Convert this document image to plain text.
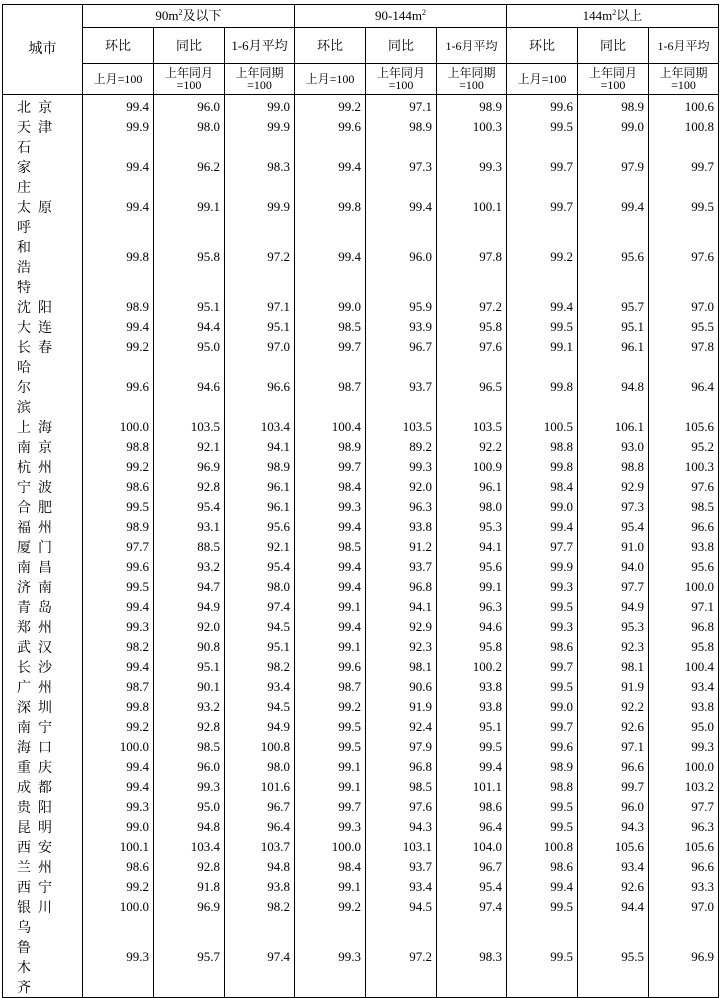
城市	$90m^2$及以下			$90-144m^2$			$144m^2$以上		
	环比	同比	1-6月平均	环比	同比	1-6月平均	环比	同比	1-6月平均
	上月=100	上年同月=100	上年同期=100	上月=100	上年同月=100	上年同期=100	上月=100	上年同月=100	上年同期=100
北京	99.4	96.0	99.0	99.2	97.1	98.9	99.6	98.9	100.6
天津	99.9	98.0	99.9	99.6	98.9	100.3	99.5	99.0	100.8
石家庄	99.4	96.2	98.3	99.4	97.3	99.3	99.7	97.9	99.7
太原	99.4	99.1	99.9	99.8	99.4	100.1	99.7	99.4	99.5
呼和浩特	99.8	95.8	97.2	99.4	96.0	97.8	99.2	95.6	97.6
沈阳	98.9	95.1	97.1	99.0	95.9	97.2	99.4	95.7	97.0
大连	99.4	94.4	95.1	98.5	93.9	95.8	99.5	95.1	95.5
长春	99.2	95.0	97.0	99.7	96.7	97.6	99.1	96.1	97.8
哈尔滨	99.6	94.6	96.6	98.7	93.7	96.5	99.8	94.8	96.4
上海	100.0	103.5	103.4	100.4	103.5	103.5	100.5	106.1	105.6
南京	98.8	92.1	94.1	98.9	89.2	92.2	98.8	93.0	95.2
杭州	99.2	96.9	98.9	99.7	99.3	100.9	99.8	98.8	100.3
宁波	98.6	92.8	96.1	98.4	92.0	96.1	98.4	92.9	97.6
合肥	99.5	95.4	96.1	99.3	96.3	98.0	99.0	97.3	98.5
福州	98.9	93.1	95.6	99.4	93.8	95.3	99.4	95.4	96.6
厦门	97.7	88.5	92.1	98.5	91.2	94.1	97.7	91.0	93.8
南昌	99.6	93.2	95.4	99.4	93.7	95.6	99.9	94.0	95.6
济南	99.5	94.7	98.0	99.4	96.8	99.1	99.3	97.7	100.0
青岛	99.4	94.9	97.4	99.1	94.1	96.3	99.5	94.9	97.1
郑州	99.3	92.0	94.5	99.4	92.9	94.6	99.3	95.3	96.8
武汉	98.2	90.8	95.1	99.1	92.3	95.8	98.6	92.3	95.8
长沙	99.4	95.1	98.2	99.6	98.1	100.2	99.7	98.1	100.4
广州	98.7	90.1	93.4	98.7	90.6	93.8	99.5	91.9	93.4
深圳	99.8	93.2	94.5	99.2	91.9	93.8	99.0	92.2	93.8
南宁	99.2	92.8	94.9	99.5	92.4	95.1	99.7	92.6	95.0
海口	100.0	98.5	100.8	99.5	97.9	99.5	99.6	97.1	99.3
重庆	99.4	96.0	98.0	99.1	96.8	99.4	98.9	96.6	100.0
成都	99.4	99.3	101.6	99.1	98.5	101.1	98.8	99.7	103.2
贵阳	99.3	95.0	96.7	99.7	97.6	98.6	99.5	96.0	97.7
昆明	99.0	94.8	96.4	99.3	94.3	96.4	99.5	94.3	96.3
西安	100.1	103.4	103.7	100.0	103.1	104.0	100.8	105.6	105.6
兰州	98.6	92.8	94.8	98.4	93.7	96.7	98.6	93.4	96.6
西宁	99.2	91.8	93.8	99.1	93.4	95.4	99.4	92.6	93.3
银川	100.0	96.9	98.2	99.2	94.5	97.4	99.5	94.4	97.0
乌鲁木齐	99.3	95.7	97.4	99.3	97.2	98.3	99.5	95.5	96.9
